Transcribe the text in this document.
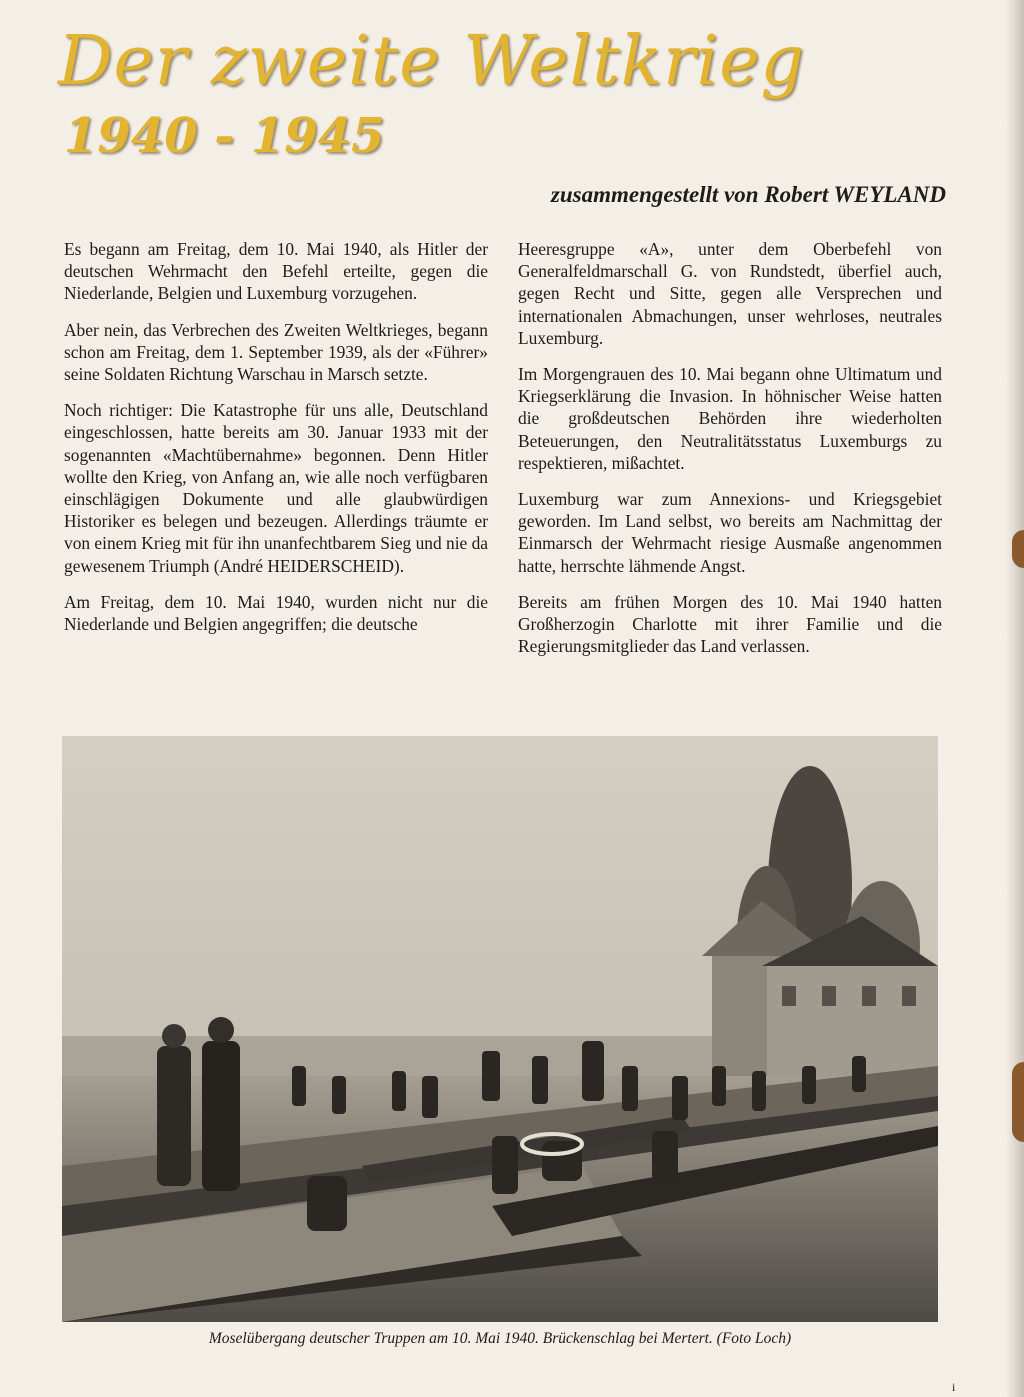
Der zweite Weltkrieg
1940 - 1945
zusammengestellt von Robert WEYLAND

Es begann am Freitag, dem 10. Mai 1940, als Hitler der deutschen Wehrmacht den Befehl erteilte, gegen die Niederlande, Belgien und Luxemburg vorzugehen.

Aber nein, das Verbrechen des Zweiten Weltkrieges, begann schon am Freitag, dem 1. September 1939, als der «Führer» seine Soldaten Richtung Warschau in Marsch setzte.

Noch richtiger: Die Katastrophe für uns alle, Deutschland eingeschlossen, hatte bereits am 30. Januar 1933 mit der sogenannten «Machtübernahme» begonnen. Denn Hitler wollte den Krieg, von Anfang an, wie alle noch verfügbaren einschlägigen Dokumente und alle glaubwürdigen Historiker es belegen und bezeugen. Allerdings träumte er von einem Krieg mit für ihn unanfechtbarem Sieg und nie da gewesenem Triumph (André HEIDERSCHEID).

Am Freitag, dem 10. Mai 1940, wurden nicht nur die Niederlande und Belgien angegriffen; die deutsche

Heeresgruppe «A», unter dem Oberbefehl von Generalfeldmarschall G. von Rundstedt, überfiel auch, gegen Recht und Sitte, gegen alle Versprechen und internationalen Abmachungen, unser wehrloses, neutrales Luxemburg.

Im Morgengrauen des 10. Mai begann ohne Ultimatum und Kriegserklärung die Invasion. In höhnischer Weise hatten die großdeutschen Behörden ihre wiederholten Beteuerungen, den Neutralitätsstatus Luxemburgs zu respektieren, mißachtet.

Luxemburg war zum Annexions- und Kriegsgebiet geworden. Im Land selbst, wo bereits am Nachmittag der Einmarsch der Wehrmacht riesige Ausmaße angenommen hatte, herrschte lähmende Angst.

Bereits am frühen Morgen des 10. Mai 1940 hatten Großherzogin Charlotte mit ihrer Familie und die Regierungsmitglieder das Land verlassen.

Moselübergang deutscher Truppen am 10. Mai 1940. Brückenschlag bei Mertert. (Foto Loch)
i
